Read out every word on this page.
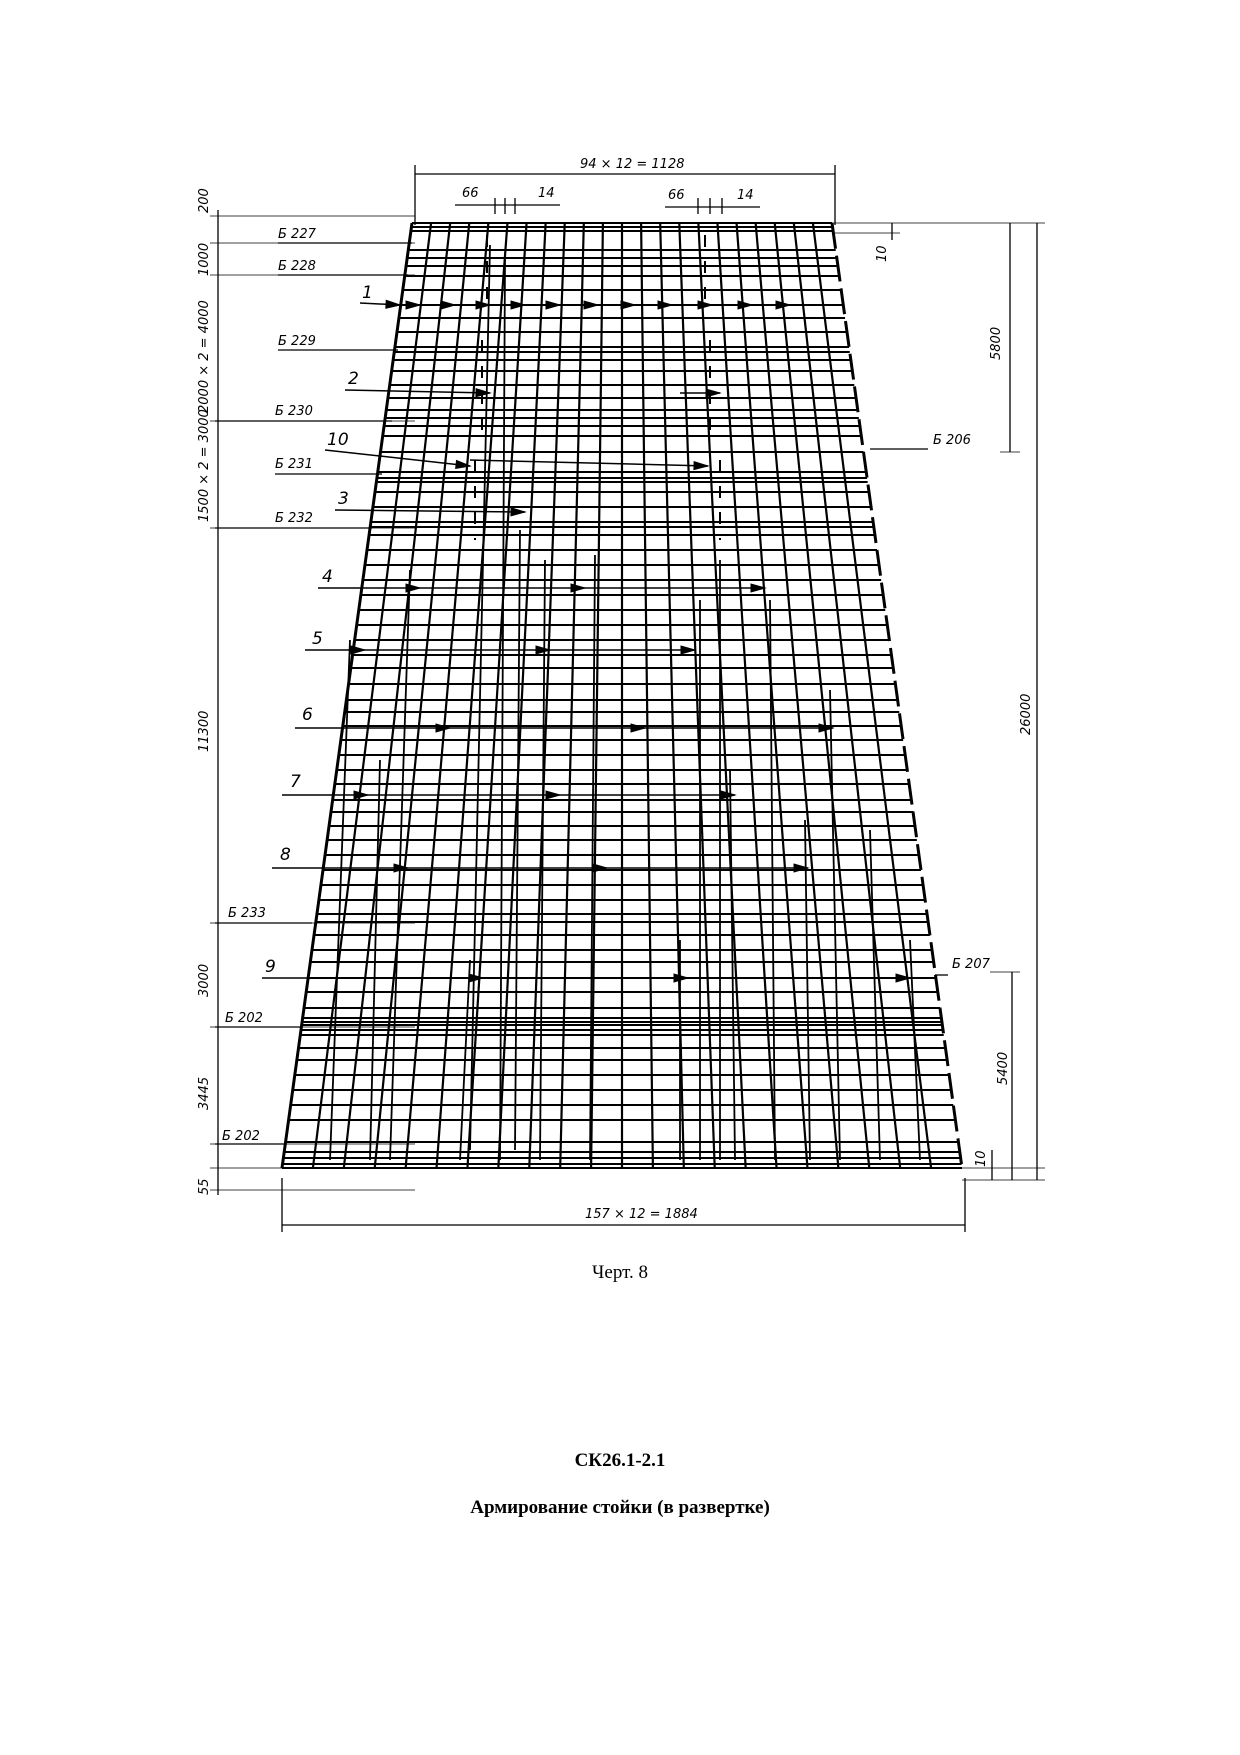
94 × 12 = 1128
66	14	66	14
157 × 12 = 1884
200
1000
2000 × 2 = 4000
1500 × 2 = 3000
11300
3000
3445
55
10
5800
26000
5400
10
Б 227
Б 228
Б 229
Б 230
Б 231
Б 232
Б 233
Б 202
Б 202
Б 206
Б 207
1
2
10
3
4
5
6
7
8
9
Черт. 8
СК26.1-2.1
Армирование стойки (в развертке)
